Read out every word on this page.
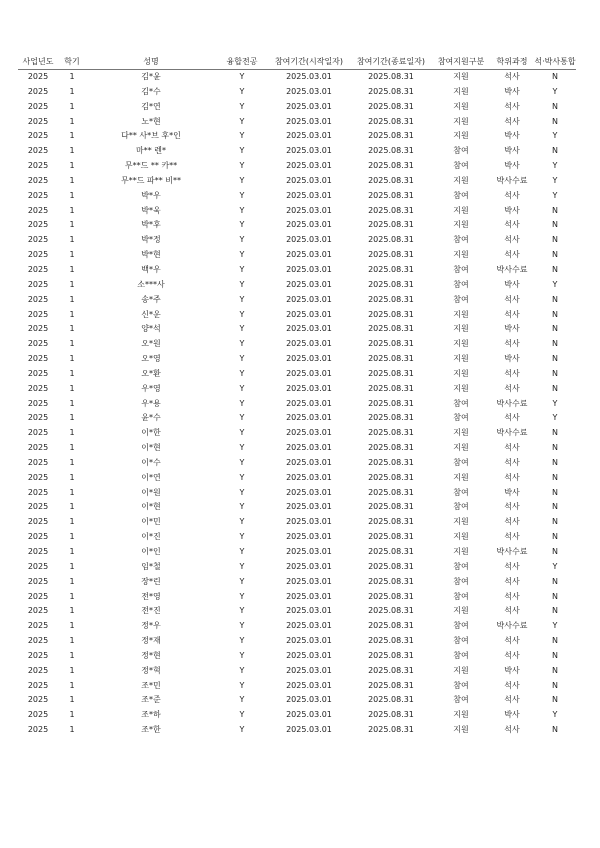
사업년도	학기	성명	융합전공	참여기간(시작일자)	참여기간(종료일자)	참여지원구분	학위과정	석·박사통합
2025	1	김*윤	Y	2025.03.01	2025.08.31	지원	석사	N
2025	1	김*수	Y	2025.03.01	2025.08.31	지원	박사	Y
2025	1	김*연	Y	2025.03.01	2025.08.31	지원	석사	N
2025	1	노*현	Y	2025.03.01	2025.08.31	지원	석사	N
2025	1	다** 사*브 후*인	Y	2025.03.01	2025.08.31	지원	박사	Y
2025	1	마** 렌*	Y	2025.03.01	2025.08.31	참여	박사	N
2025	1	무**드 ** 카**	Y	2025.03.01	2025.08.31	참여	박사	Y
2025	1	무**드 파** 비**	Y	2025.03.01	2025.08.31	지원	박사수료	Y
2025	1	박*우	Y	2025.03.01	2025.08.31	참여	석사	Y
2025	1	박*욱	Y	2025.03.01	2025.08.31	지원	박사	N
2025	1	박*후	Y	2025.03.01	2025.08.31	지원	석사	N
2025	1	박*정	Y	2025.03.01	2025.08.31	참여	석사	N
2025	1	박*현	Y	2025.03.01	2025.08.31	지원	석사	N
2025	1	백*우	Y	2025.03.01	2025.08.31	참여	박사수료	N
2025	1	소***사	Y	2025.03.01	2025.08.31	참여	박사	Y
2025	1	송*주	Y	2025.03.01	2025.08.31	참여	석사	N
2025	1	신*운	Y	2025.03.01	2025.08.31	지원	석사	N
2025	1	양*석	Y	2025.03.01	2025.08.31	지원	박사	N
2025	1	오*원	Y	2025.03.01	2025.08.31	지원	석사	N
2025	1	오*영	Y	2025.03.01	2025.08.31	지원	박사	N
2025	1	오*환	Y	2025.03.01	2025.08.31	지원	석사	N
2025	1	우*영	Y	2025.03.01	2025.08.31	지원	석사	N
2025	1	우*용	Y	2025.03.01	2025.08.31	참여	박사수료	Y
2025	1	윤*수	Y	2025.03.01	2025.08.31	참여	석사	Y
2025	1	이*한	Y	2025.03.01	2025.08.31	지원	박사수료	N
2025	1	이*현	Y	2025.03.01	2025.08.31	지원	석사	N
2025	1	이*수	Y	2025.03.01	2025.08.31	참여	석사	N
2025	1	이*연	Y	2025.03.01	2025.08.31	지원	석사	N
2025	1	이*원	Y	2025.03.01	2025.08.31	참여	박사	N
2025	1	이*현	Y	2025.03.01	2025.08.31	참여	석사	N
2025	1	이*민	Y	2025.03.01	2025.08.31	지원	석사	N
2025	1	이*진	Y	2025.03.01	2025.08.31	지원	석사	N
2025	1	이*인	Y	2025.03.01	2025.08.31	지원	박사수료	N
2025	1	임*철	Y	2025.03.01	2025.08.31	참여	석사	Y
2025	1	장*린	Y	2025.03.01	2025.08.31	참여	석사	N
2025	1	전*영	Y	2025.03.01	2025.08.31	참여	석사	N
2025	1	전*진	Y	2025.03.01	2025.08.31	지원	석사	N
2025	1	정*우	Y	2025.03.01	2025.08.31	참여	박사수료	Y
2025	1	정*재	Y	2025.03.01	2025.08.31	참여	석사	N
2025	1	정*현	Y	2025.03.01	2025.08.31	참여	석사	N
2025	1	정*혁	Y	2025.03.01	2025.08.31	지원	박사	N
2025	1	조*민	Y	2025.03.01	2025.08.31	참여	석사	N
2025	1	조*준	Y	2025.03.01	2025.08.31	참여	석사	N
2025	1	조*하	Y	2025.03.01	2025.08.31	지원	박사	Y
2025	1	조*한	Y	2025.03.01	2025.08.31	지원	석사	N
